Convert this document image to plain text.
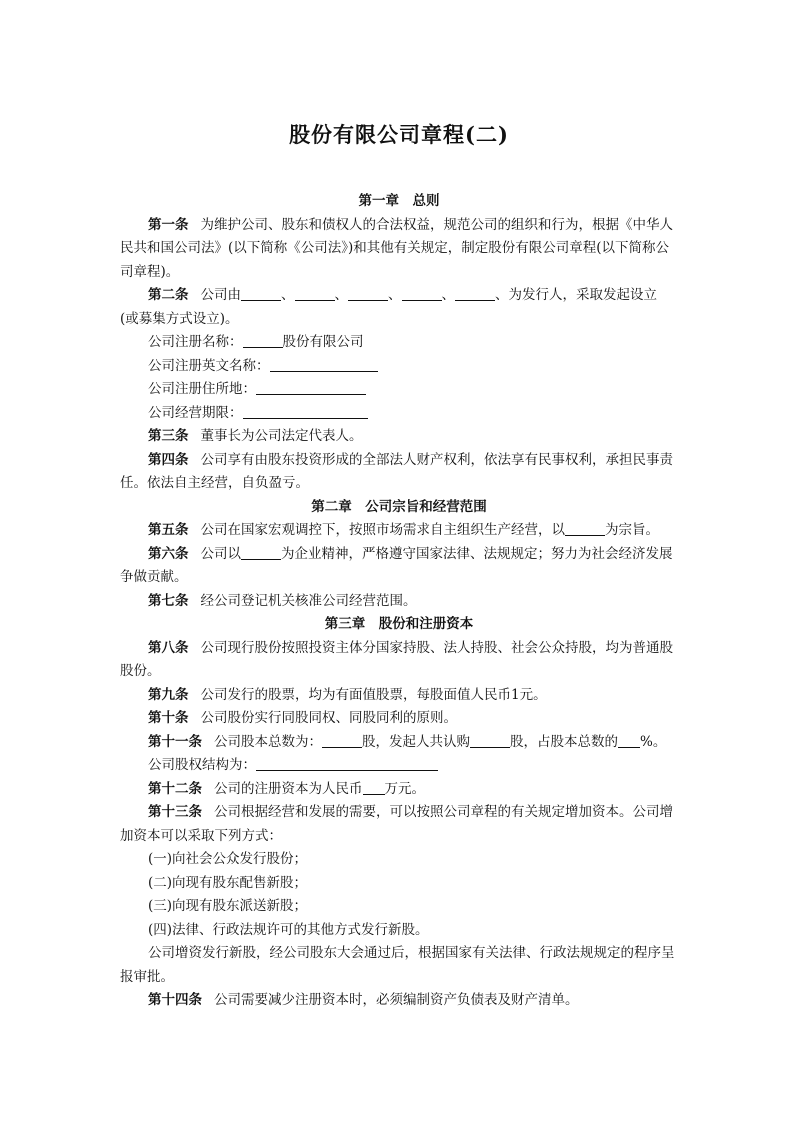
股份有限公司章程(二)

第一章　总则

第一条 为维护公司、股东和债权人的合法权益，规范公司的组织和行为，根据《中华人民共和国公司法》(以下简称《公司法》)和其他有关规定，制定股份有限公司章程(以下简称公司章程)。

第二条 公司由	、	、	、	、	、为发行人，采取发起设立

(或募集方式设立)。

公司注册名称：	股份有限公司

公司注册英文名称：

公司注册住所地：

公司经营期限：

第三条 董事长为公司法定代表人。

第四条 公司享有由股东投资形成的全部法人财产权利，依法享有民事权利，承担民事责任。依法自主经营，自负盈亏。

第二章　公司宗旨和经营范围

第五条 公司在国家宏观调控下，按照市场需求自主组织生产经营，以	为宗旨。

第六条 公司以	为企业精神，严格遵守国家法律、法规规定；努力为社会经济发展争做贡献。

第七条 经公司登记机关核准公司经营范围。

第三章　股份和注册资本

第八条 公司现行股份按照投资主体分国家持股、法人持股、社会公众持股，均为普通股股份。

第九条 公司发行的股票，均为有面值股票，每股面值人民币1元。

第十条 公司股份实行同股同权、同股同利的原则。

第十一条 公司股本总数为：	股，发起人共认购	股，占股本总数的 %。

公司股权结构为：

第十二条 公司的注册资本为人民币 万元。

第十三条 公司根据经营和发展的需要，可以按照公司章程的有关规定增加资本。公司增加资本可以采取下列方式：

(一)向社会公众发行股份；

(二)向现有股东配售新股；

(三)向现有股东派送新股；

(四)法律、行政法规许可的其他方式发行新股。

公司增资发行新股，经公司股东大会通过后，根据国家有关法律、行政法规规定的程序呈报审批。

第十四条 公司需要减少注册资本时，必须编制资产负债表及财产清单。
